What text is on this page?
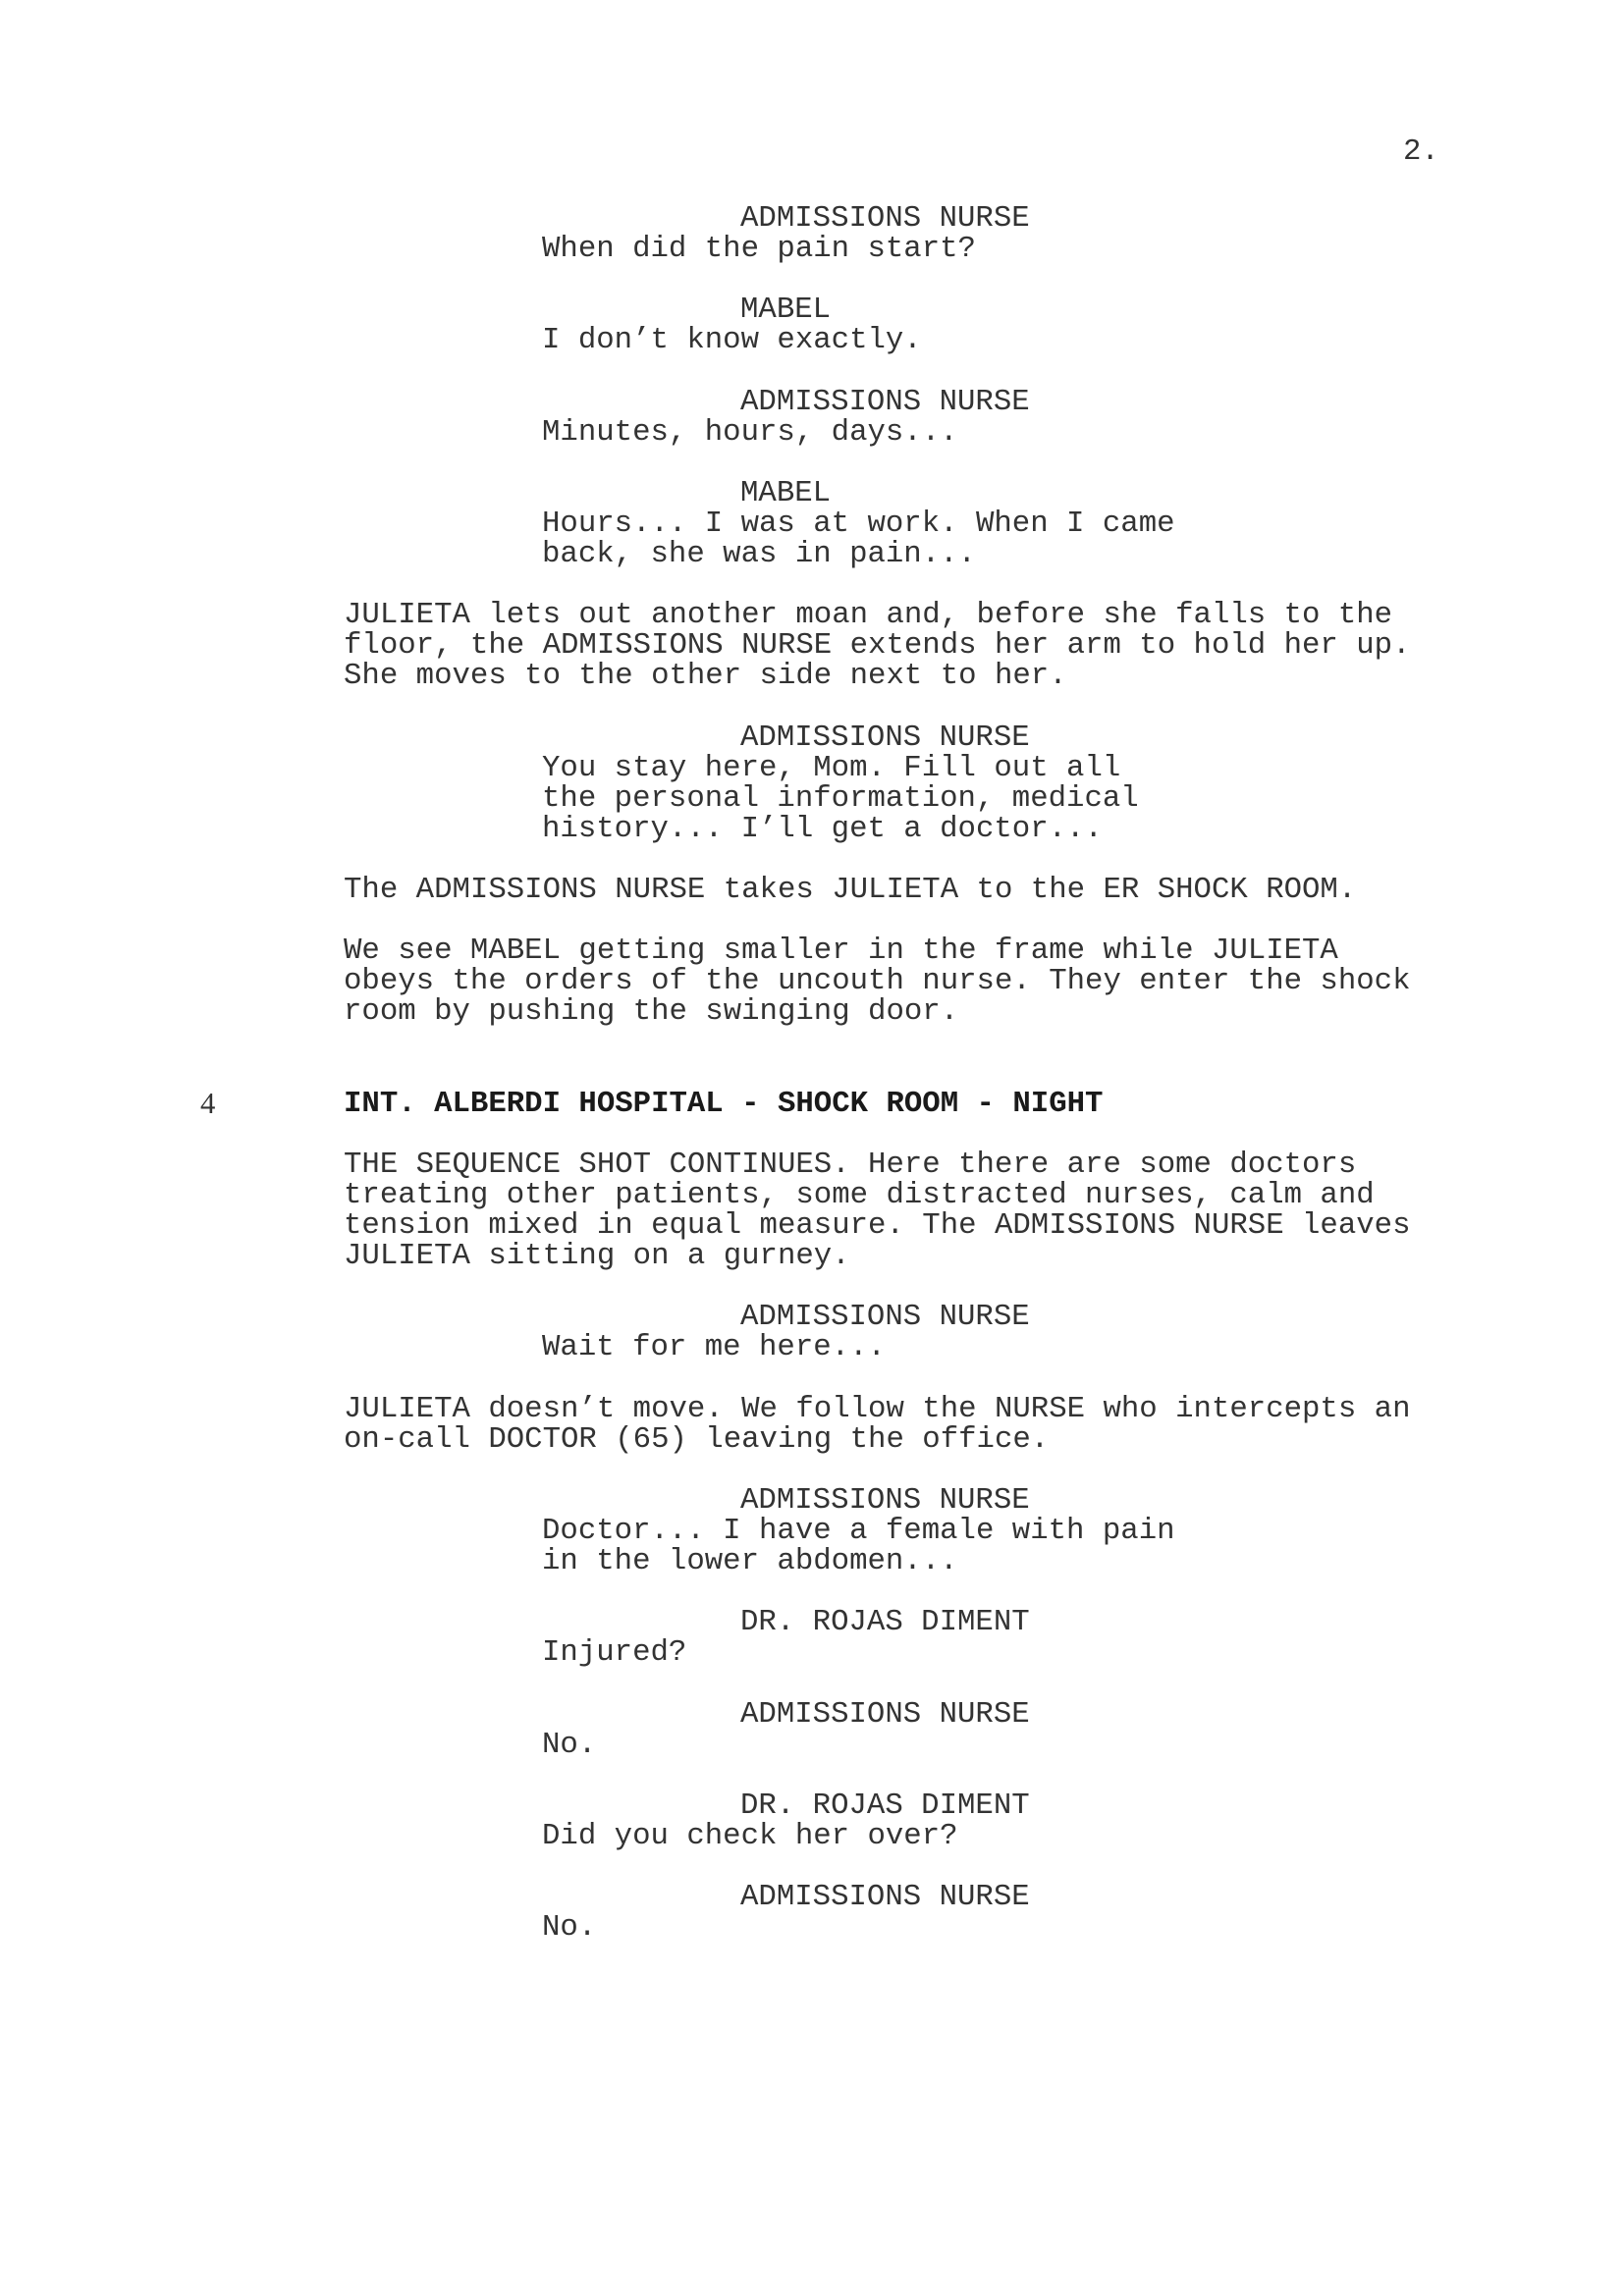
2.
ADMISSIONS NURSE
When did the pain start?
MABEL
I don’t know exactly.
ADMISSIONS NURSE
Minutes, hours, days...
MABEL
Hours... I was at work. When I came
back, she was in pain...
JULIETA lets out another moan and, before she falls to the
floor, the ADMISSIONS NURSE extends her arm to hold her up.
She moves to the other side next to her.
ADMISSIONS NURSE
You stay here, Mom. Fill out all
the personal information, medical
history... I’ll get a doctor...
The ADMISSIONS NURSE takes JULIETA to the ER SHOCK ROOM.
We see MABEL getting smaller in the frame while JULIETA
obeys the orders of the uncouth nurse. They enter the shock
room by pushing the swinging door.
4	INT. ALBERDI HOSPITAL - SHOCK ROOM - NIGHT
THE SEQUENCE SHOT CONTINUES. Here there are some doctors
treating other patients, some distracted nurses, calm and
tension mixed in equal measure. The ADMISSIONS NURSE leaves
JULIETA sitting on a gurney.
ADMISSIONS NURSE
Wait for me here...
JULIETA doesn’t move. We follow the NURSE who intercepts an
on-call DOCTOR (65) leaving the office.
ADMISSIONS NURSE
Doctor... I have a female with pain
in the lower abdomen...
DR. ROJAS DIMENT
Injured?
ADMISSIONS NURSE
No.
DR. ROJAS DIMENT
Did you check her over?
ADMISSIONS NURSE
No.
